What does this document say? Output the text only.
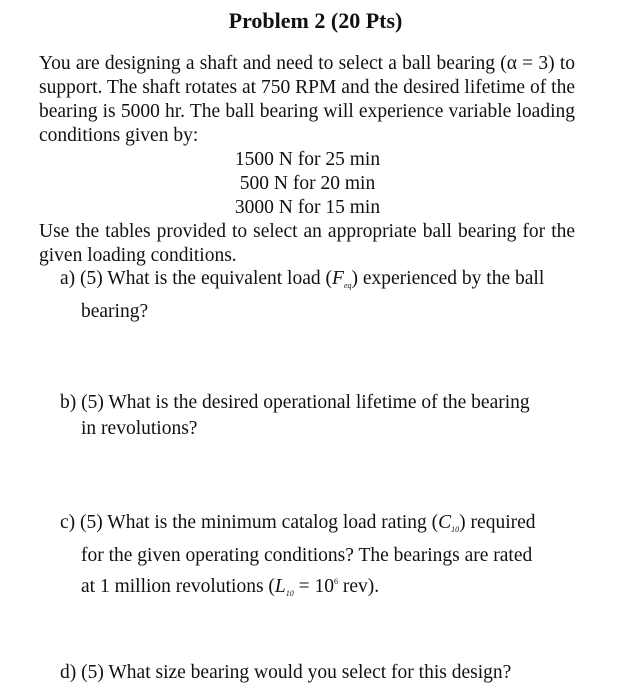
Problem 2 (20 Pts)
You are designing a shaft and need to select a ball bearing (α = 3) to support. The shaft rotates at 750 RPM and the desired lifetime of the bearing is 5000 hr. The ball bearing will experience variable loading conditions given by:
1500 N for 25 min
500 N for 20 min
3000 N for 15 min
Use the tables provided to select an appropriate ball bearing for the given loading conditions.
a) (5) What is the equivalent load $(F_{eq})$ experienced by the ball
bearing?
b) (5) What is the desired operational lifetime of the bearing
in revolutions?
c) (5) What is the minimum catalog load rating $(C_{10})$ required
for the given operating conditions? The bearings are rated
at 1 million revolutions ($L_{10} = 10^6$ rev).
d) (5) What size bearing would you select for this design?
